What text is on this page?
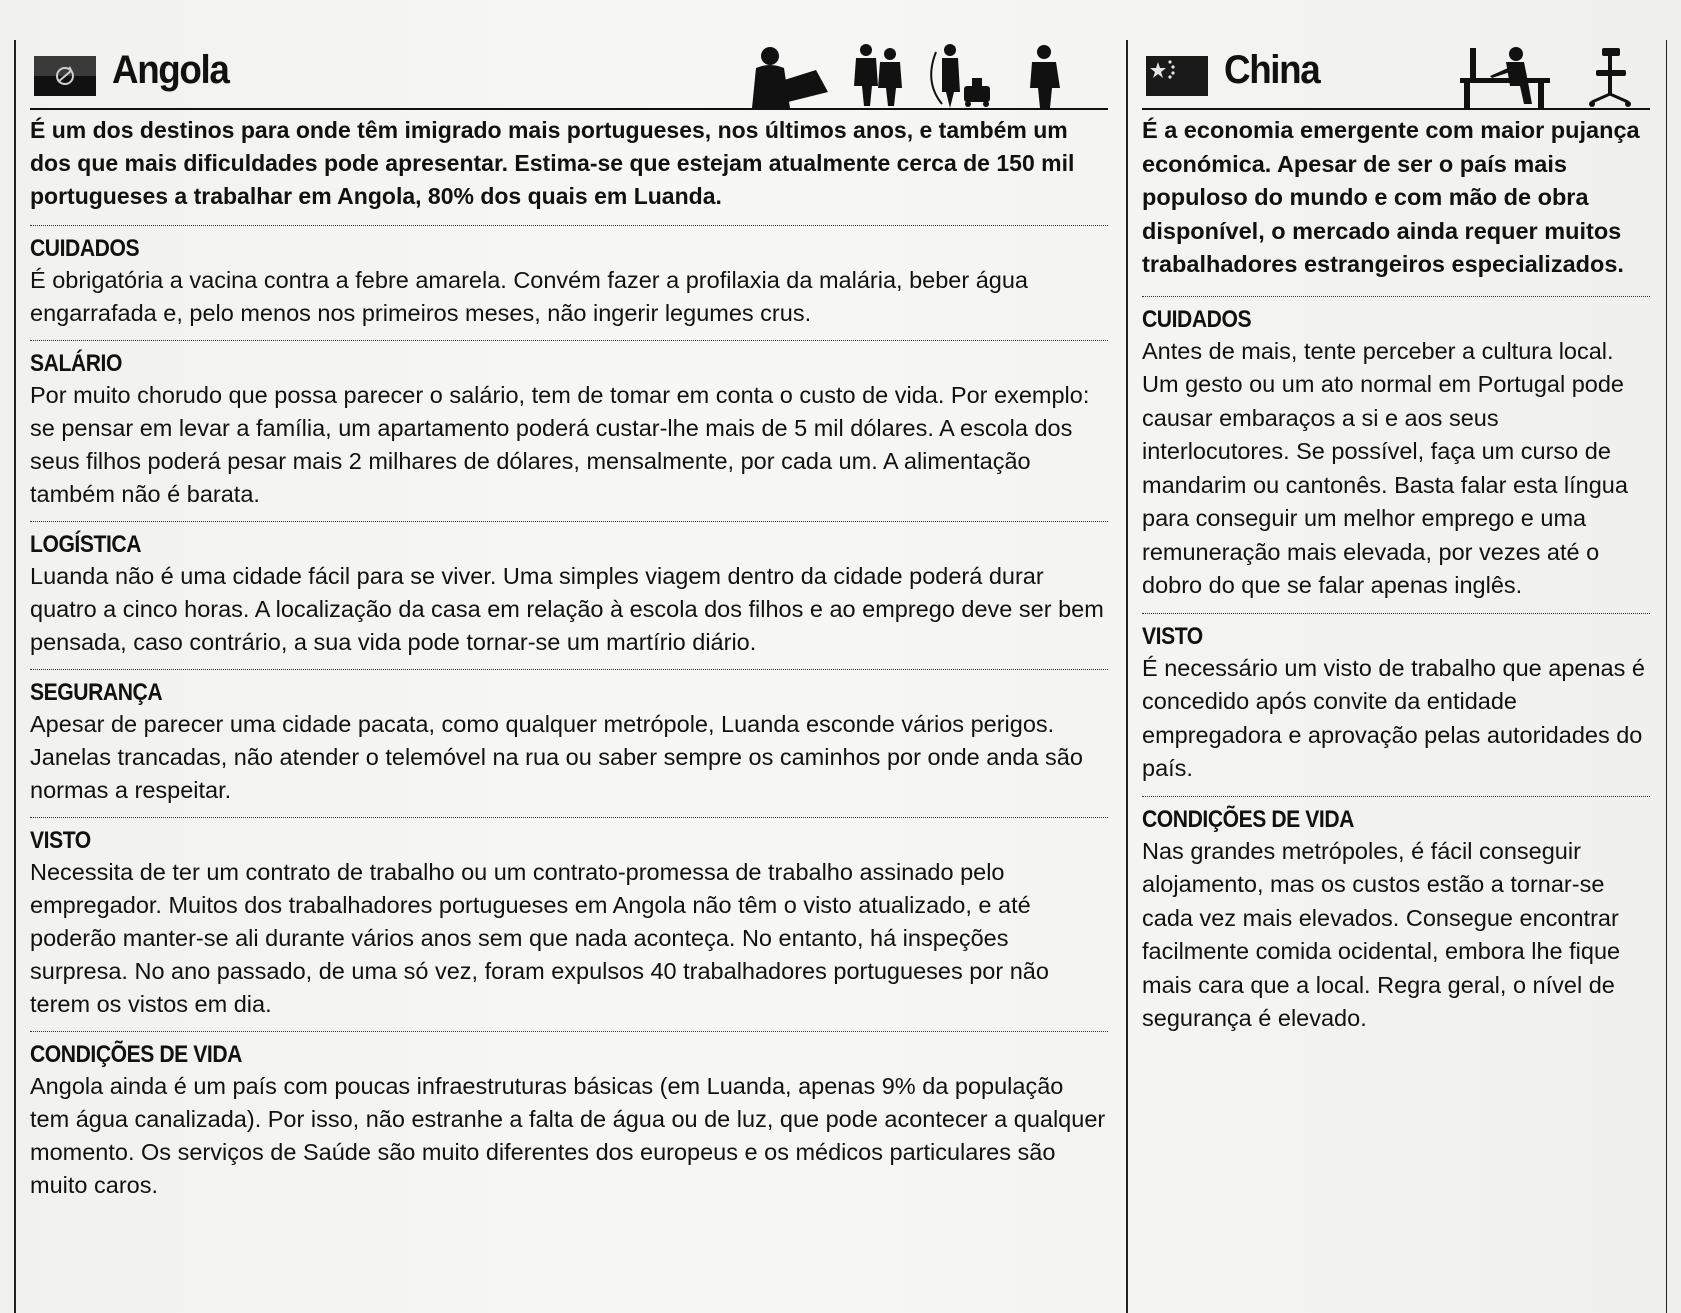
Angola
É um dos destinos para onde têm imigrado mais portugueses, nos últimos anos, e também um dos que mais dificuldades pode apresentar. Estima-se que estejam atualmente cerca de 150 mil portugueses a trabalhar em Angola, 80% dos quais em Luanda.
CUIDADOS
É obrigatória a vacina contra a febre amarela. Convém fazer a profilaxia da malária, beber água engarrafada e, pelo menos nos primeiros meses, não ingerir legumes crus.
SALÁRIO
Por muito chorudo que possa parecer o salário, tem de tomar em conta o custo de vida. Por exemplo: se pensar em levar a família, um apartamento poderá custar-lhe mais de 5 mil dólares. A escola dos seus filhos poderá pesar mais 2 milhares de dólares, mensalmente, por cada um. A alimentação também não é barata.
LOGÍSTICA
Luanda não é uma cidade fácil para se viver. Uma simples viagem dentro da cidade poderá durar quatro a cinco horas. A localização da casa em relação à escola dos filhos e ao emprego deve ser bem pensada, caso contrário, a sua vida pode tornar-se um martírio diário.
SEGURANÇA
Apesar de parecer uma cidade pacata, como qualquer metrópole, Luanda esconde vários perigos. Janelas trancadas, não atender o telemóvel na rua ou saber sempre os caminhos por onde anda são normas a respeitar.
VISTO
Necessita de ter um contrato de trabalho ou um contrato-promessa de trabalho assinado pelo empregador. Muitos dos trabalhadores portugueses em Angola não têm o visto atualizado, e até poderão manter-se ali durante vários anos sem que nada aconteça. No entanto, há inspeções surpresa. No ano passado, de uma só vez, foram expulsos 40 trabalhadores portugueses por não terem os vistos em dia.
CONDIÇÕES DE VIDA
Angola ainda é um país com poucas infraestruturas básicas (em Luanda, apenas 9% da população tem água canalizada). Por isso, não estranhe a falta de água ou de luz, que pode acontecer a qualquer momento. Os serviços de Saúde são muito diferentes dos europeus e os médicos particulares são muito caros.
China
É a economia emergente com maior pujança económica. Apesar de ser o país mais populoso do mundo e com mão de obra disponível, o mercado ainda requer muitos trabalhadores estrangeiros especializados.
CUIDADOS
Antes de mais, tente perceber a cultura local. Um gesto ou um ato normal em Portugal pode causar embaraços a si e aos seus interlocutores. Se possível, faça um curso de mandarim ou cantonês. Basta falar esta língua para conseguir um melhor emprego e uma remuneração mais elevada, por vezes até o dobro do que se falar apenas inglês.
VISTO
É necessário um visto de trabalho que apenas é concedido após convite da entidade empregadora e aprovação pelas autoridades do país.
CONDIÇÕES DE VIDA
Nas grandes metrópoles, é fácil conseguir alojamento, mas os custos estão a tornar-se cada vez mais elevados. Consegue encontrar facilmente comida ocidental, embora lhe fique mais cara que a local. Regra geral, o nível de segurança é elevado.
